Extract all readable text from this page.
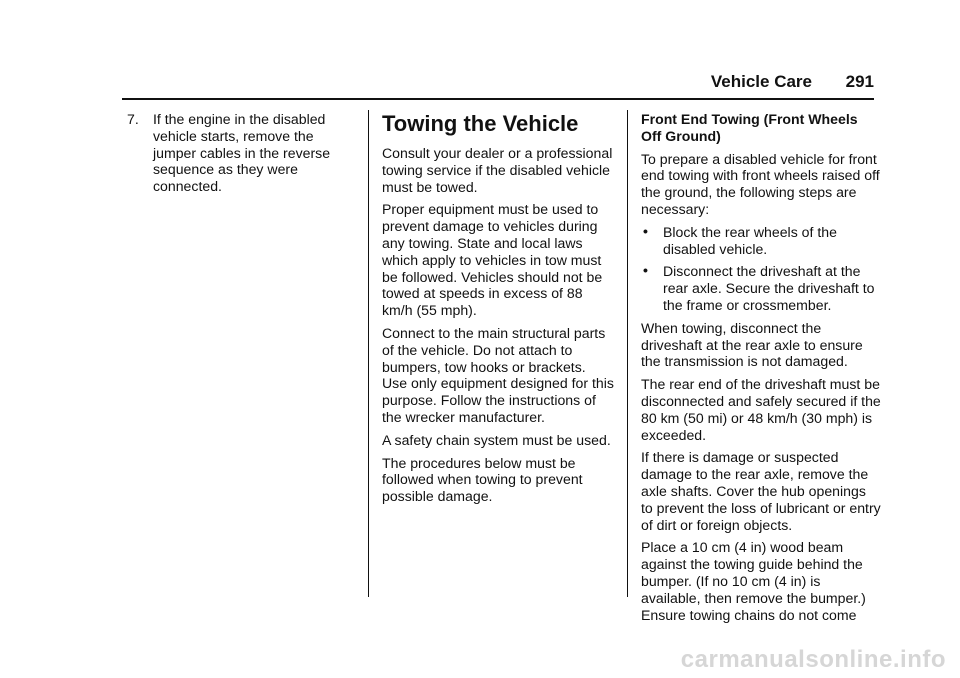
Vehicle Care 291
7. If the engine in the disabled vehicle starts, remove the jumper cables in the reverse sequence as they were connected.
Towing the Vehicle

Consult your dealer or a professional towing service if the disabled vehicle must be towed.

Proper equipment must be used to prevent damage to vehicles during any towing. State and local laws which apply to vehicles in tow must be followed. Vehicles should not be towed at speeds in excess of 88 km/h (55 mph).

Connect to the main structural parts of the vehicle. Do not attach to bumpers, tow hooks or brackets. Use only equipment designed for this purpose. Follow the instructions of the wrecker manufacturer.

A safety chain system must be used.

The procedures below must be followed when towing to prevent possible damage.

Front End Towing (Front Wheels Off Ground)

To prepare a disabled vehicle for front end towing with front wheels raised off the ground, the following steps are necessary:

• Block the rear wheels of the disabled vehicle.
• Disconnect the driveshaft at the rear axle. Secure the driveshaft to the frame or crossmember.

When towing, disconnect the driveshaft at the rear axle to ensure the transmission is not damaged.

The rear end of the driveshaft must be disconnected and safely secured if the 80 km (50 mi) or 48 km/h (30 mph) is exceeded.

If there is damage or suspected damage to the rear axle, remove the axle shafts. Cover the hub openings to prevent the loss of lubricant or entry of dirt or foreign objects.

Place a 10 cm (4 in) wood beam against the towing guide behind the bumper. (If no 10 cm (4 in) is available, then remove the bumper.) Ensure towing chains do not come

carmanualsonline.info
